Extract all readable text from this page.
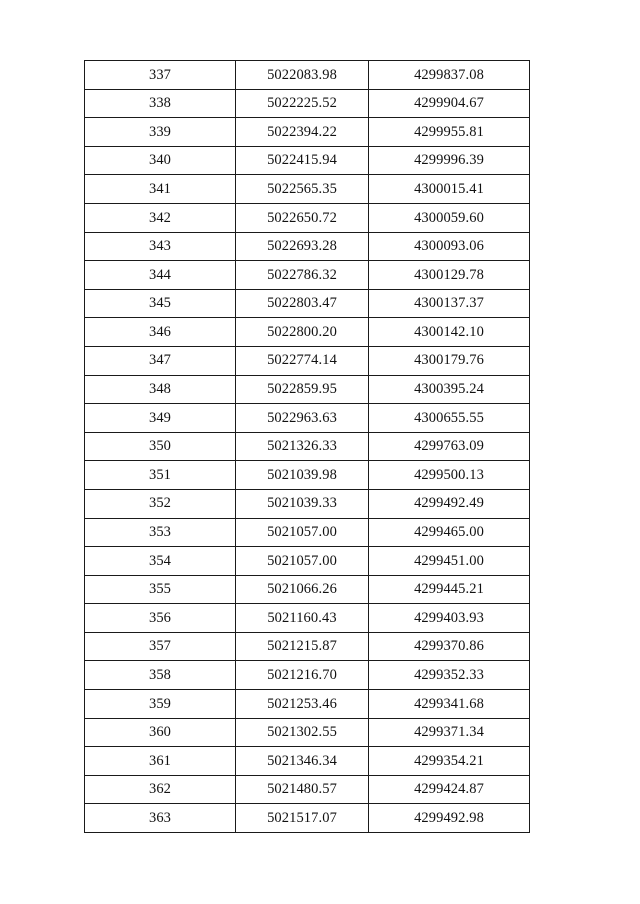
337	5022083.98	4299837.08
338	5022225.52	4299904.67
339	5022394.22	4299955.81
340	5022415.94	4299996.39
341	5022565.35	4300015.41
342	5022650.72	4300059.60
343	5022693.28	4300093.06
344	5022786.32	4300129.78
345	5022803.47	4300137.37
346	5022800.20	4300142.10
347	5022774.14	4300179.76
348	5022859.95	4300395.24
349	5022963.63	4300655.55
350	5021326.33	4299763.09
351	5021039.98	4299500.13
352	5021039.33	4299492.49
353	5021057.00	4299465.00
354	5021057.00	4299451.00
355	5021066.26	4299445.21
356	5021160.43	4299403.93
357	5021215.87	4299370.86
358	5021216.70	4299352.33
359	5021253.46	4299341.68
360	5021302.55	4299371.34
361	5021346.34	4299354.21
362	5021480.57	4299424.87
363	5021517.07	4299492.98
